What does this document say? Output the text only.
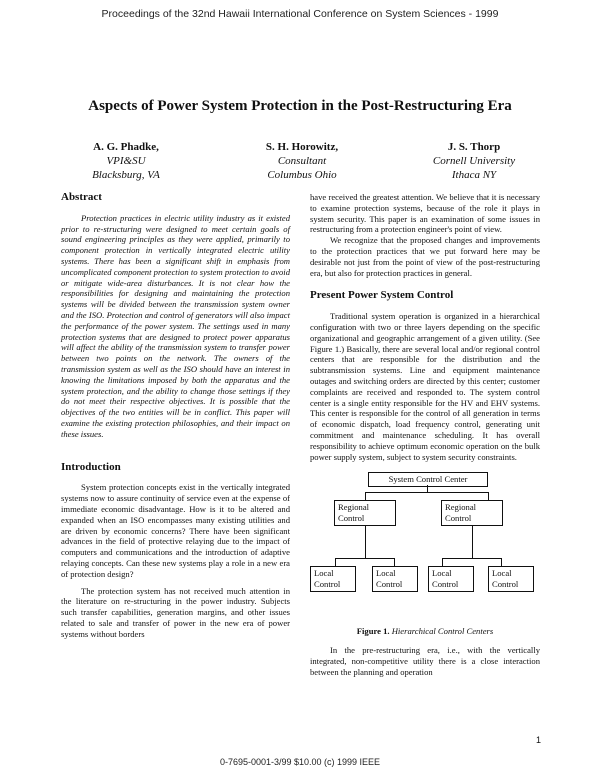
Proceedings of the 32nd Hawaii International Conference on System Sciences - 1999
Aspects of Power System Protection in the Post-Restructuring Era
A. G. Phadke,
VPI&SU
Blacksburg, VA
S. H. Horowitz,
Consultant
Columbus Ohio
J. S. Thorp
Cornell University
Ithaca NY
Abstract

Protection practices in electric utility industry as it existed prior to re-structuring were designed to meet certain goals of sound engineering principles as they were applied, primarily to component protection in vertically integrated electric utility systems. There has been a significant shift in emphasis from uncomplicated component protection to system protection to avoid or mitigate wide-area disturbances. It is not clear how the responsibilities for designing and maintaining the protection systems will be divided between the transmission system owner and the ISO. Protection and control of generators will also impact the performance of the power system. The settings used in many protection systems that are designed to protect power apparatus will affect the ability of the transmission system to transfer power between two points on the network. The owners of the transmission system as well as the ISO should have an interest in knowing the limitations imposed by both the apparatus and the system protection, and the ability to change those settings if they do not meet their respective objectives. It is possible that the objectives of the two entities will be in conflict. This paper will examine the existing protection philosophies, and their impact on these issues.

Introduction

System protection concepts exist in the vertically integrated systems now to assure continuity of service even at the expense of immediate economic disadvantage. How is it to be altered and expanded when an ISO encompasses many existing utilities and are driven by economic concerns? There have been significant advances in the field of protective relaying due to the impact of computers and communications and the introduction of adaptive relaying concepts. Can these new systems play a role in a new era of protection design?

The protection system has not received much attention in the literature on re-structuring in the power industry. Subjects such transfer capabilities, generation margins, and other issues related to sale and transfer of power in the new era of power systems without borders

have received the greatest attention. We believe that it is necessary to examine protection systems, because of the role it plays in system security. This paper is an examination of some issues in restructuring from a protection engineer's point of view.

We recognize that the proposed changes and improvements to the protection practices that we put forward here may be desirable not just from the point of view of the post-restructuring era, but also for protection practices in general.

Present Power System Control

Traditional system operation is organized in a hierarchical configuration with two or three layers depending on the specific organizational and geographic arrangement of a given utility. (See Figure 1.) Basically, there are several local and/or regional control centers that are responsible for the distribution and the subtransmission systems. Line and equipment maintenance outages and switching orders are directed by this center; customer complaints are received and responded to. The system control center is a single entity responsible for the HV and EHV systems. This center is responsible for the control of all generation in terms of economic dispatch, load frequency control, generating unit commitment and maintenance scheduling. It has overall responsibility to achieve optimum economic operation on the bulk power supply system, subject to system security constraints.

System Control Center
Regional Control
Regional Control
Local Control
Local Control
Local Control
Local Control
Figure 1. Hierarchical Control Centers

In the pre-restructuring era, i.e., with the vertically integrated, non-competitive utility there is a close interaction between the planning and operation

1
0-7695-0001-3/99 $10.00 (c) 1999 IEEE
